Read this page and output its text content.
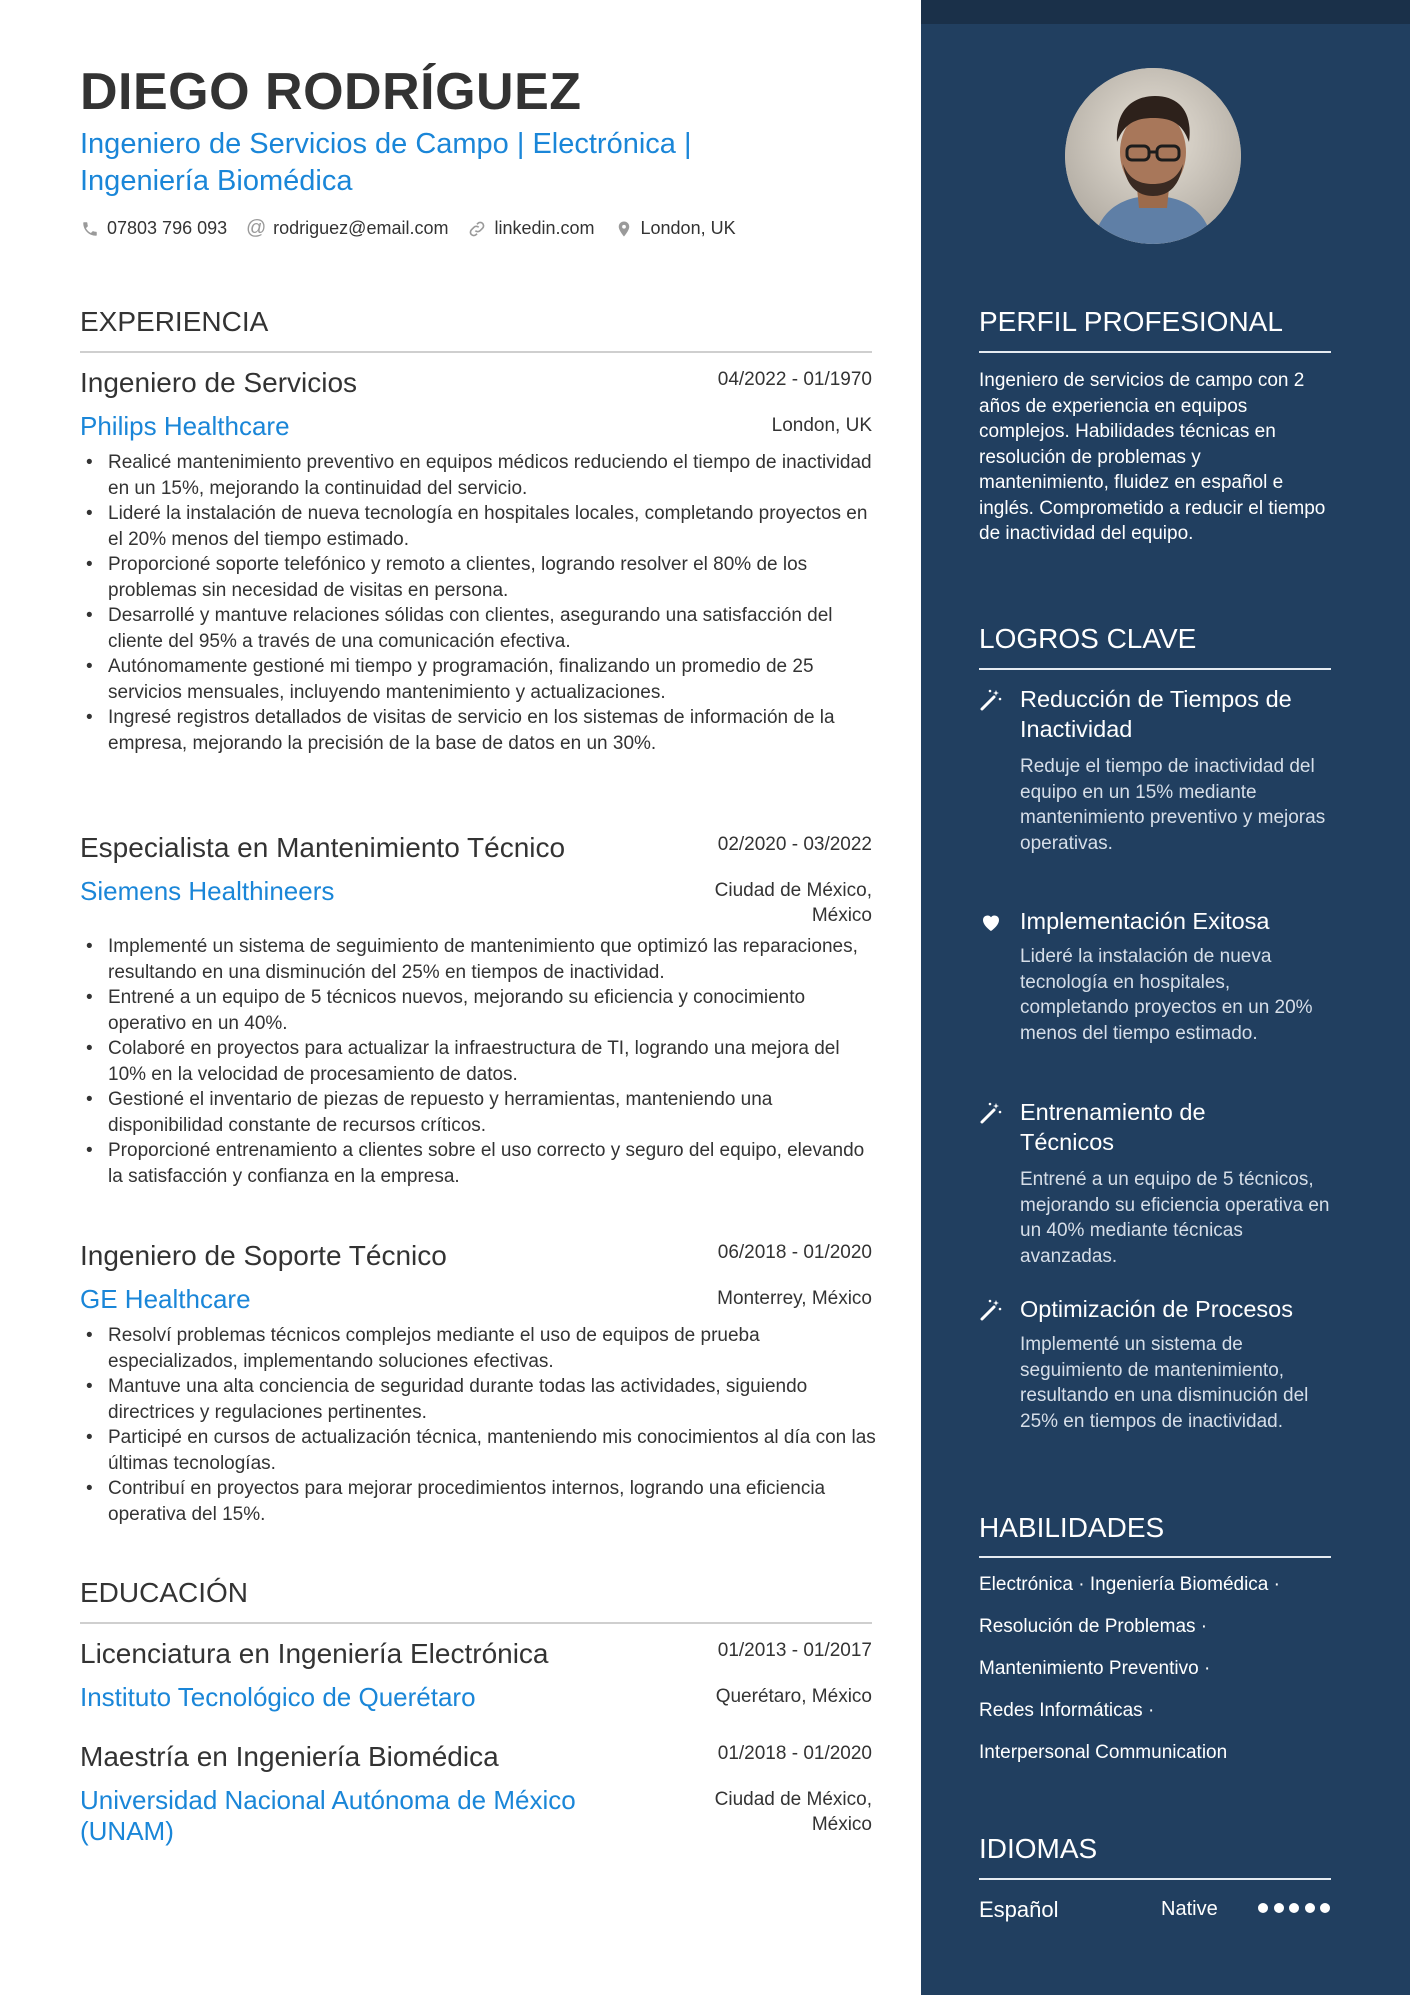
DIEGO RODRÍGUEZ
Ingeniero de Servicios de Campo | Electrónica |
Ingeniería Biomédica
07803 796 093 @ rodriguez@email.com	linkedin.com	London, UK
EXPERIENCIA
Ingeniero de Servicios	04/2022 - 01/1970
Philips Healthcare	London, UK
• Realicé mantenimiento preventivo en equipos médicos reduciendo el tiempo de inactividad en un 15%, mejorando la continuidad del servicio.
• Lideré la instalación de nueva tecnología en hospitales locales, completando proyectos en el 20% menos del tiempo estimado.
• Proporcioné soporte telefónico y remoto a clientes, logrando resolver el 80% de los problemas sin necesidad de visitas en persona.
• Desarrollé y mantuve relaciones sólidas con clientes, asegurando una satisfacción del cliente del 95% a través de una comunicación efectiva.
• Autónomamente gestioné mi tiempo y programación, finalizando un promedio de 25 servicios mensuales, incluyendo mantenimiento y actualizaciones.
• Ingresé registros detallados de visitas de servicio en los sistemas de información de la empresa, mejorando la precisión de la base de datos en un 30%.
Especialista en Mantenimiento Técnico	02/2020 - 03/2022
Siemens Healthineers	Ciudad de México,
México
• Implementé un sistema de seguimiento de mantenimiento que optimizó las reparaciones, resultando en una disminución del 25% en tiempos de inactividad.
• Entrené a un equipo de 5 técnicos nuevos, mejorando su eficiencia y conocimiento operativo en un 40%.
• Colaboré en proyectos para actualizar la infraestructura de TI, logrando una mejora del 10% en la velocidad de procesamiento de datos.
• Gestioné el inventario de piezas de repuesto y herramientas, manteniendo una disponibilidad constante de recursos críticos.
• Proporcioné entrenamiento a clientes sobre el uso correcto y seguro del equipo, elevando la satisfacción y confianza en la empresa.
Ingeniero de Soporte Técnico	06/2018 - 01/2020
GE Healthcare	Monterrey, México
• Resolví problemas técnicos complejos mediante el uso de equipos de prueba especializados, implementando soluciones efectivas.
• Mantuve una alta conciencia de seguridad durante todas las actividades, siguiendo directrices y regulaciones pertinentes.
• Participé en cursos de actualización técnica, manteniendo mis conocimientos al día con las últimas tecnologías.
• Contribuí en proyectos para mejorar procedimientos internos, logrando una eficiencia operativa del 15%.
EDUCACIÓN
Licenciatura en Ingeniería Electrónica	01/2013 - 01/2017
Instituto Tecnológico de Querétaro	Querétaro, México
Maestría en Ingeniería Biomédica	01/2018 - 01/2020
Universidad Nacional Autónoma de México
(UNAM)
Ciudad de México,
México
PERFIL PROFESIONAL
Ingeniero de servicios de campo con 2 años de experiencia en equipos complejos. Habilidades técnicas en resolución de problemas y mantenimiento, fluidez en español e inglés. Comprometido a reducir el tiempo de inactividad del equipo.
LOGROS CLAVE
Reducción de Tiempos de Inactividad
Reduje el tiempo de inactividad del equipo en un 15% mediante mantenimiento preventivo y mejoras operativas.
Implementación Exitosa
Lideré la instalación de nueva tecnología en hospitales, completando proyectos en un 20% menos del tiempo estimado.
Entrenamiento de Técnicos
Entrené a un equipo de 5 técnicos, mejorando su eficiencia operativa en un 40% mediante técnicas avanzadas.
Optimización de Procesos
Implementé un sistema de seguimiento de mantenimiento, resultando en una disminución del 25% en tiempos de inactividad.
HABILIDADES
Electrónica · Ingeniería Biomédica ·
Resolución de Problemas ·
Mantenimiento Preventivo ·
Redes Informáticas ·
Interpersonal Communication
IDIOMAS
Español	Native
